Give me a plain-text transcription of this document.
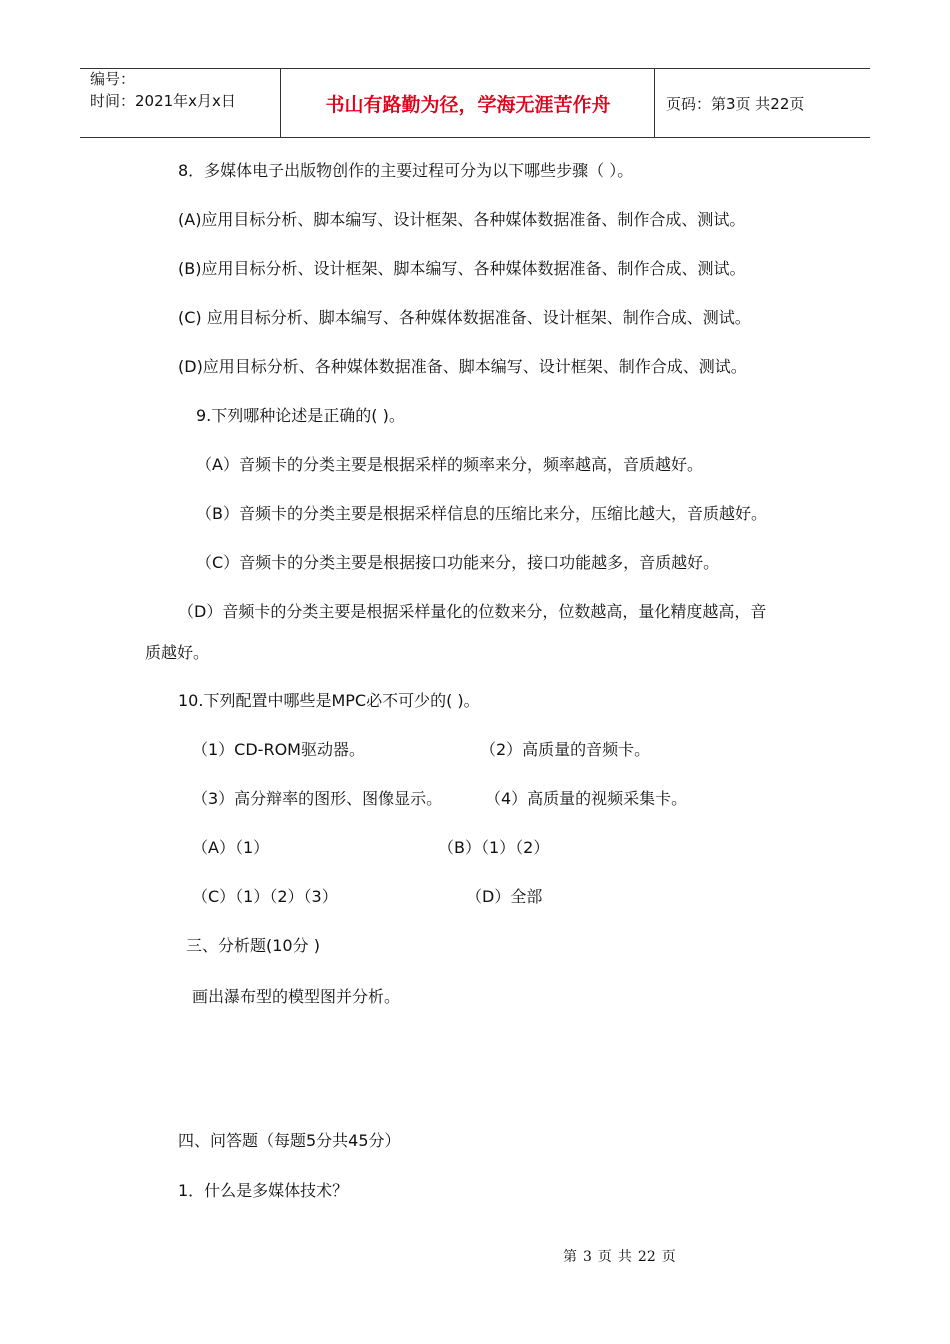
编号：
时间：2021年x月x日	书山有路勤为径，学海无涯苦作舟	页码：第3页 共22页
8．多媒体电子出版物创作的主要过程可分为以下哪些步骤（ ）。
(A)应用目标分析、脚本编写、设计框架、各种媒体数据准备、制作合成、测试。
(B)应用目标分析、设计框架、脚本编写、各种媒体数据准备、制作合成、测试。
(C) 应用目标分析、脚本编写、各种媒体数据准备、设计框架、制作合成、测试。
(D)应用目标分析、各种媒体数据准备、脚本编写、设计框架、制作合成、测试。
9.下列哪种论述是正确的( )。
（A）音频卡的分类主要是根据采样的频率来分，频率越高，音质越好。
（B）音频卡的分类主要是根据采样信息的压缩比来分，压缩比越大，音质越好。
（C）音频卡的分类主要是根据接口功能来分，接口功能越多，音质越好。
（D）音频卡的分类主要是根据采样量化的位数来分，位数越高，量化精度越高，音
质越好。
10.下列配置中哪些是MPC必不可少的( )。
（1）CD-ROM驱动器。	（2）高质量的音频卡。
（3）高分辩率的图形、图像显示。	（4）高质量的视频采集卡。
（A）（1）	（B）（1）（2）
（C）（1）（2）（3）	（D）全部
三、分析题(10分 )
画出瀑布型的模型图并分析。
四、问答题（每题5分共45分）
1．什么是多媒体技术？
第 3 页 共 22 页
